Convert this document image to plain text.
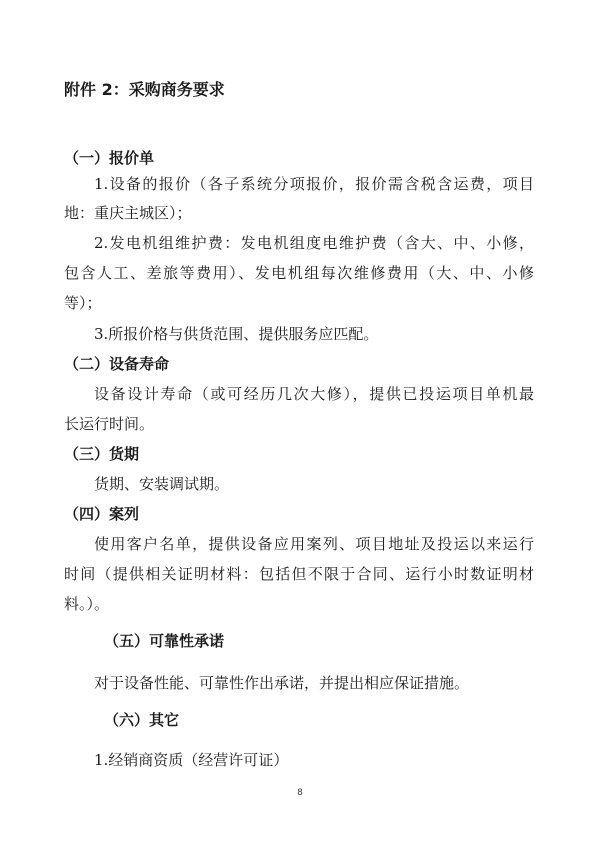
附件 2：采购商务要求
（一）报价单
1.设备的报价（各子系统分项报价，报价需含税含运费，项目
地：重庆主城区）；
2.发电机组维护费：发电机组度电维护费（含大、中、小修，
包含人工、差旅等费用）、发电机组每次维修费用（大、中、小修
等）；
3.所报价格与供货范围、提供服务应匹配。
（二）设备寿命
设备设计寿命（或可经历几次大修），提供已投运项目单机最
长运行时间。
（三）货期
货期、安装调试期。
（四）案列
使用客户名单，提供设备应用案列、项目地址及投运以来运行
时间（提供相关证明材料：包括但不限于合同、运行小时数证明材
料。）。
（五）可靠性承诺
对于设备性能、可靠性作出承诺，并提出相应保证措施。
（六）其它
1.经销商资质（经营许可证）
8
